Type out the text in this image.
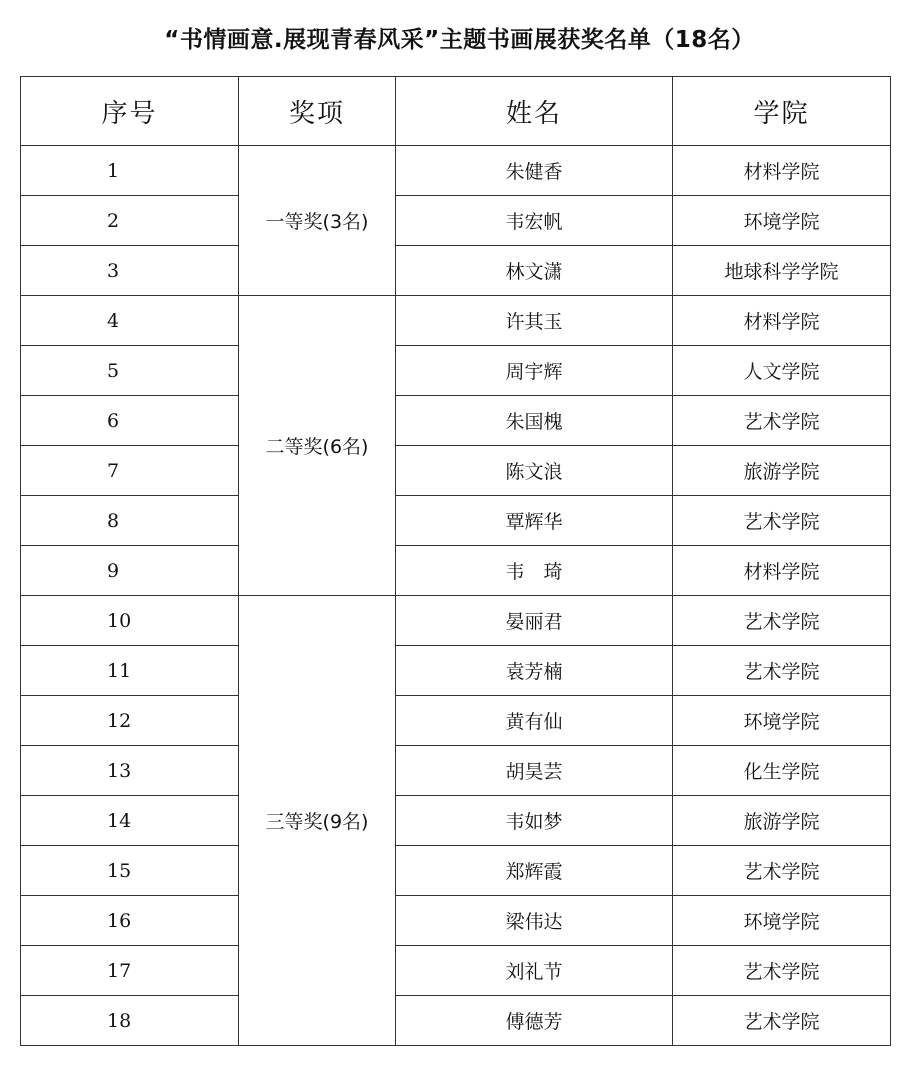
“书情画意.展现青春风采”主题书画展获奖名单（18名）
序号	奖项	姓名	学院
1	一等奖(3名)	朱健香	材料学院
2		韦宏帆	环境学院
3		林文潇	地球科学学院
4	二等奖(6名)	许其玉	材料学院
5		周宇辉	人文学院
6		朱国槐	艺术学院
7		陈文浪	旅游学院
8		覃辉华	艺术学院
9		韦　琦	材料学院
10	三等奖(9名)	晏丽君	艺术学院
11		袁芳楠	艺术学院
12		黄有仙	环境学院
13		胡昊芸	化生学院
14		韦如梦	旅游学院
15		郑辉霞	艺术学院
16		梁伟达	环境学院
17		刘礼节	艺术学院
18		傅德芳	艺术学院
